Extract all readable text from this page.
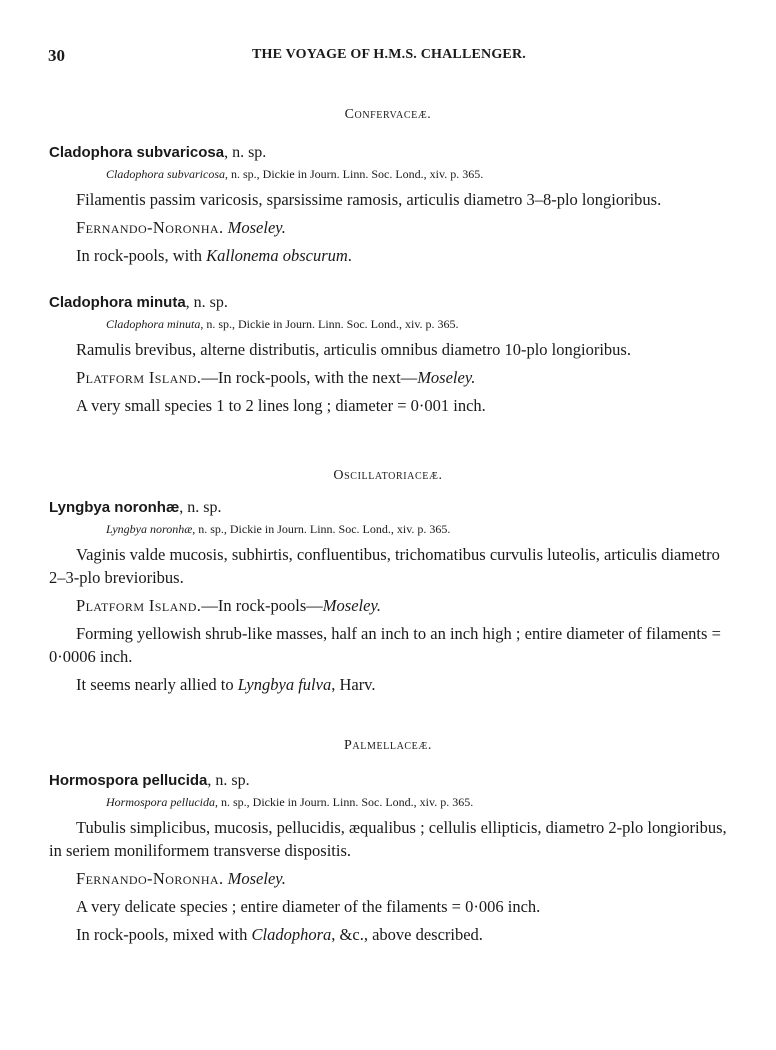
30	THE VOYAGE OF H.M.S. CHALLENGER.
Confervaceæ.
Cladophora subvaricosa, n. sp.
Cladophora subvaricosa, n. sp., Dickie in Journ. Linn. Soc. Lond., xiv. p. 365.
Filamentis passim varicosis, sparsissime ramosis, articulis diametro 3–8-plo longioribus.
Fernando-Noronha. Moseley.
In rock-pools, with Kallonema obscurum.
Cladophora minuta, n. sp.
Cladophora minuta, n. sp., Dickie in Journ. Linn. Soc. Lond., xiv. p. 365.
Ramulis brevibus, alterne distributis, articulis omnibus diametro 10-plo longioribus.
Platform Island.—In rock-pools, with the next—Moseley.
A very small species 1 to 2 lines long ; diameter = 0·001 inch.
Oscillatoriaceæ.
Lyngbya noronhæ, n. sp.
Lyngbya noronhæ, n. sp., Dickie in Journ. Linn. Soc. Lond., xiv. p. 365.
Vaginis valde mucosis, subhirtis, confluentibus, trichomatibus curvulis luteolis, articulis diametro 2–3-plo brevioribus.
Platform Island.—In rock-pools—Moseley.
Forming yellowish shrub-like masses, half an inch to an inch high ; entire diameter of filaments = 0·0006 inch.
It seems nearly allied to Lyngbya fulva, Harv.
Palmellaceæ.
Hormospora pellucida, n. sp.
Hormospora pellucida, n. sp., Dickie in Journ. Linn. Soc. Lond., xiv. p. 365.
Tubulis simplicibus, mucosis, pellucidis, æqualibus ; cellulis ellipticis, diametro 2-plo longioribus, in seriem moniliformem transverse dispositis.
Fernando-Noronha. Moseley.
A very delicate species ; entire diameter of the filaments = 0·006 inch.
In rock-pools, mixed with Cladophora, &c., above described.
